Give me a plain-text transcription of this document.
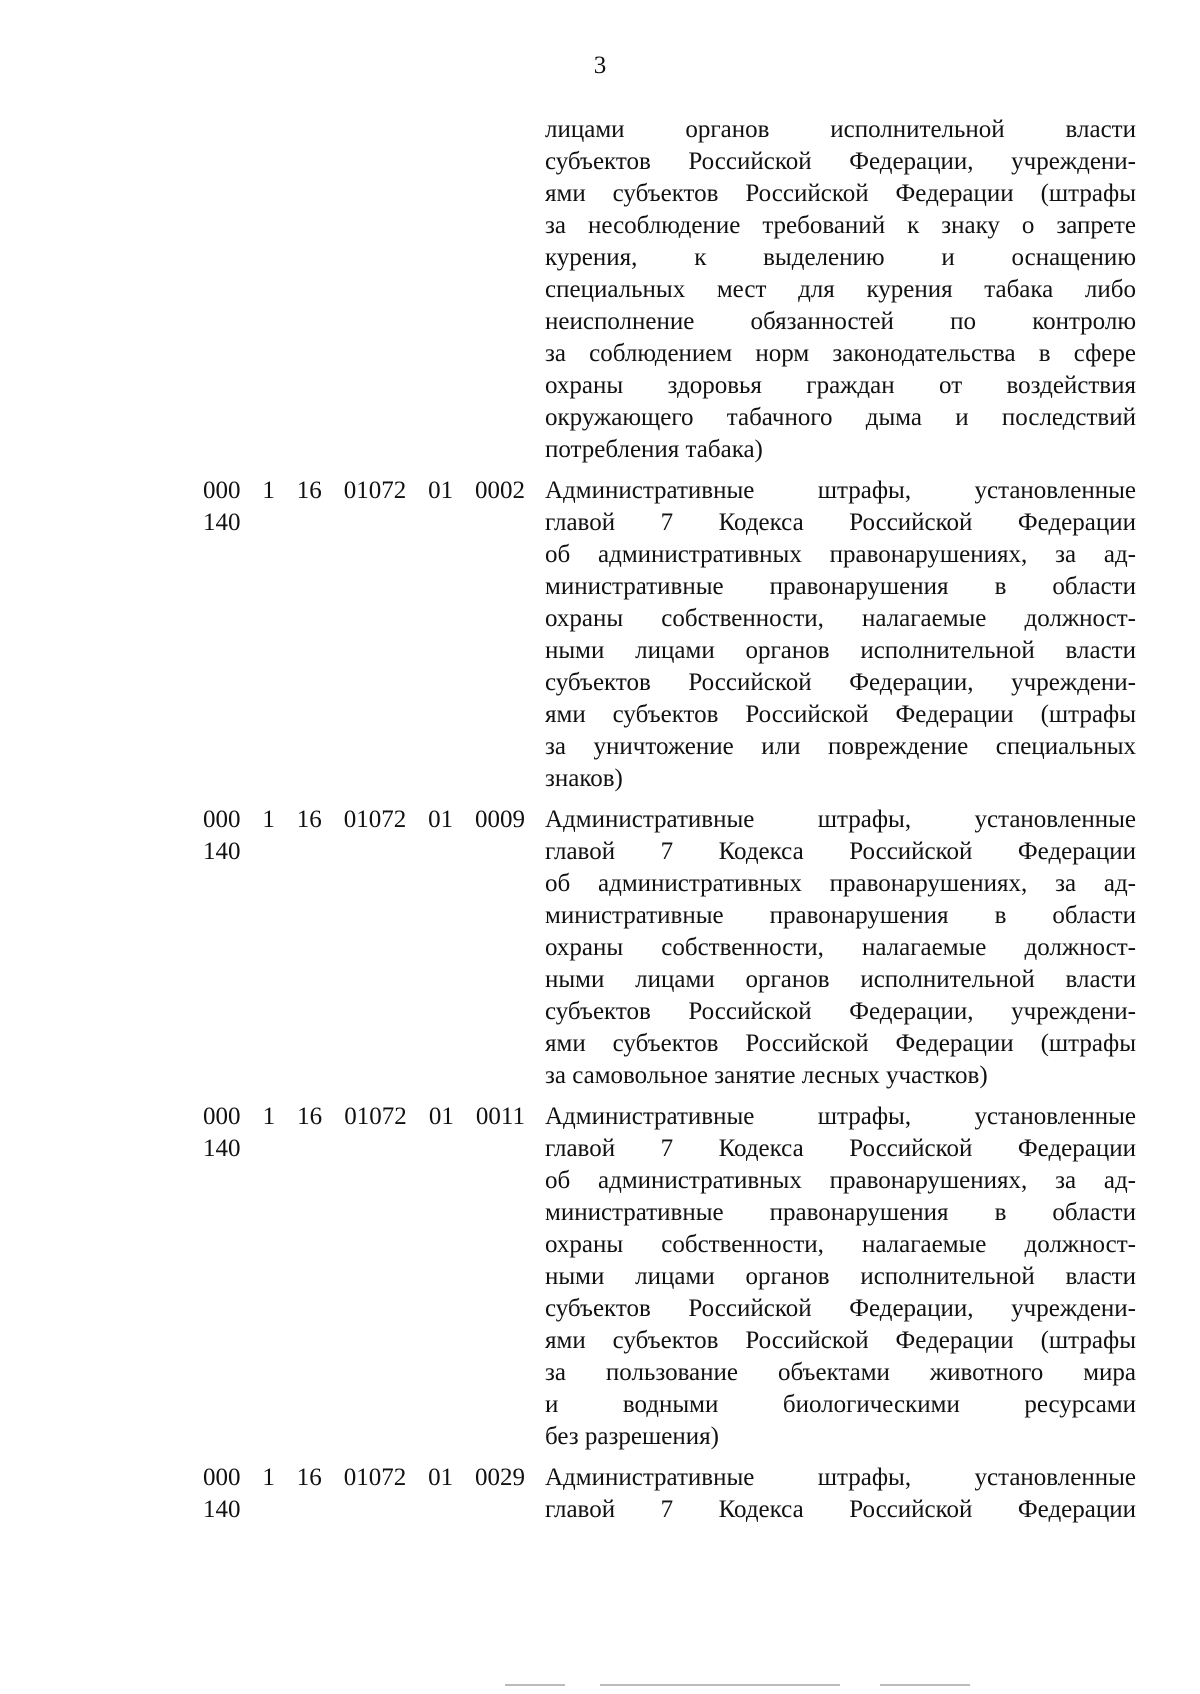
3
лицами органов исполнительной власти
субъектов Российской Федерации, учреждени-
ями субъектов Российской Федерации (штрафы
за несоблюдение требований к знаку о запрете
курения, к выделению и оснащению
специальных мест для курения табака либо
неисполнение обязанностей по контролю
за соблюдением норм законодательства в сфере
охраны здоровья граждан от воздействия
окружающего табачного дыма и последствий
потребления табака)
000 1 16 01072 01 0002
140
Административные штрафы, установленные
главой 7 Кодекса Российской Федерации
об административных правонарушениях, за ад-
министративные правонарушения в области
охраны собственности, налагаемые должност-
ными лицами органов исполнительной власти
субъектов Российской Федерации, учреждени-
ями субъектов Российской Федерации (штрафы
за уничтожение или повреждение специальных
знаков)
000 1 16 01072 01 0009
140
Административные штрафы, установленные
главой 7 Кодекса Российской Федерации
об административных правонарушениях, за ад-
министративные правонарушения в области
охраны собственности, налагаемые должност-
ными лицами органов исполнительной власти
субъектов Российской Федерации, учреждени-
ями субъектов Российской Федерации (штрафы
за самовольное занятие лесных участков)
000 1 16 01072 01 0011
140
Административные штрафы, установленные
главой 7 Кодекса Российской Федерации
об административных правонарушениях, за ад-
министративные правонарушения в области
охраны собственности, налагаемые должност-
ными лицами органов исполнительной власти
субъектов Российской Федерации, учреждени-
ями субъектов Российской Федерации (штрафы
за пользование объектами животного мира
и водными биологическими ресурсами
без разрешения)
000 1 16 01072 01 0029
140
Административные штрафы, установленные
главой 7 Кодекса Российской Федерации
